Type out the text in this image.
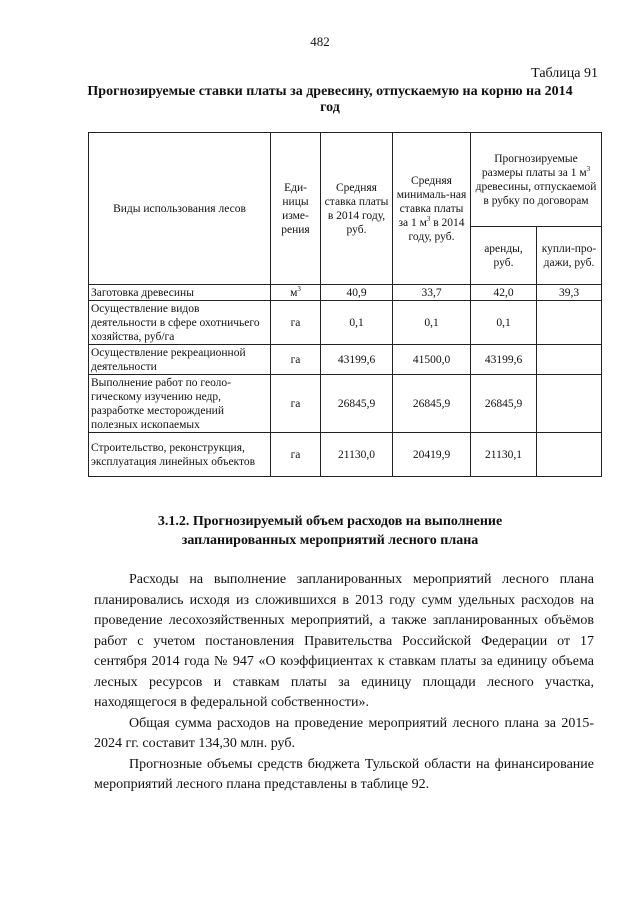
482
Таблица 91
Прогнозируемые ставки платы за древесину, отпускаемую на корню на 2014 год
Виды использования лесов	Еди-ницы изме-рения	Средняя ставка платы в 2014 году, руб.	Средняя минималь-ная ставка платы за 1 $м^3$ в 2014 году, руб.	Прогнозируемые размеры платы за 1 $м^3$ древесины, отпускаемой в рубку по договорам	
				аренды, руб.	купли-про-дажи, руб.
Заготовка древесины	$м^3$	40,9	33,7	42,0	39,3
Осуществление видов деятельности в сфере охотничьего хозяйства, руб/га	га	0,1	0,1	0,1	
Осуществление рекреационной деятельности	га	43199,6	41500,0	43199,6	
Выполнение работ по геоло-гическому изучению недр, разработке месторождений полезных ископаемых	га	26845,9	26845,9	26845,9	
Строительство, реконструкция, эксплуатация линейных объектов	га	21130,0	20419,9	21130,1	
3.1.2. Прогнозируемый объем расходов на выполнение запланированных мероприятий лесного плана

Расходы на выполнение запланированных мероприятий лесного плана планировались исходя из сложившихся в 2013 году сумм удельных расходов на проведение лесохозяйственных мероприятий, а также запланированных объёмов работ с учетом постановления Правительства Российской Федерации от 17 сентября 2014 года № 947 «О коэффициентах к ставкам платы за единицу объема лесных ресурсов и ставкам платы за единицу площади лесного участка, находящегося в федеральной собственности».

Общая сумма расходов на проведение мероприятий лесного плана за 2015-2024 гг. составит 134,30 млн. руб.

Прогнозные объемы средств бюджета Тульской области на финансирование мероприятий лесного плана представлены в таблице 92.
